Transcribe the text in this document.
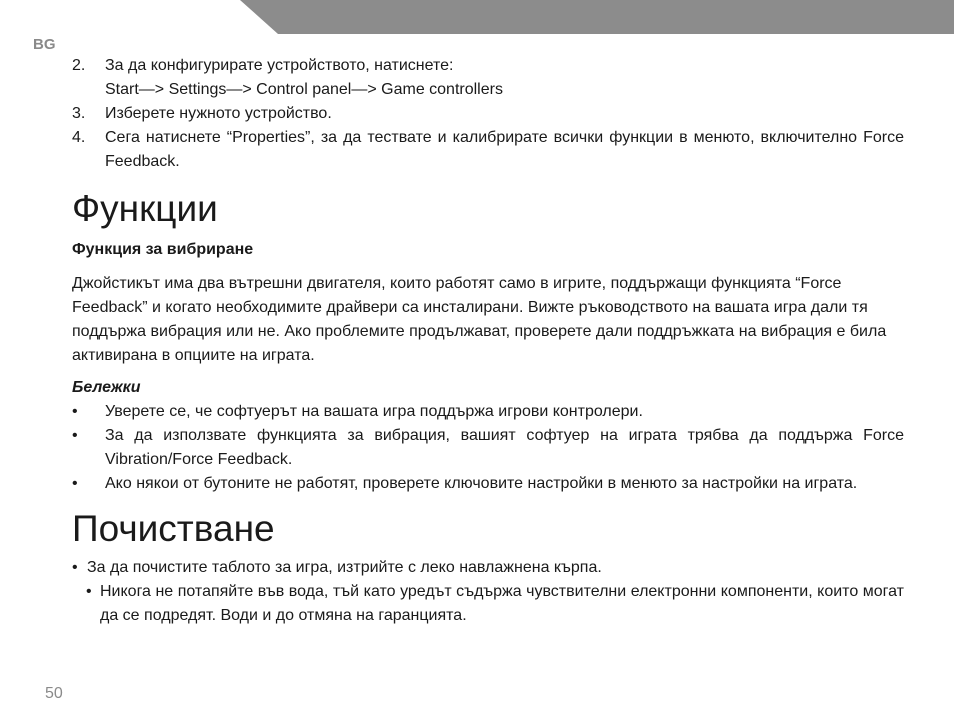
BG
2.	За да конфигурирате устройството, натиснете:
Start—> Settings—> Control panel—> Game controllers
3.	Изберете нужното устройство.
4.	Сега натиснете “Properties”, за да тествате и калибрирате всички функции в менюто, включително Force Feedback.
Функции
Функция за вибриране
Джойстикът има два вътрешни двигателя, които работят само в игрите, поддържащи функцията “Force Feedback” и когато необходимите драйвери са инсталирани. Вижте ръководството на вашата игра дали тя поддържа вибрация или не. Ако проблемите продължават, проверете дали поддръжката на вибрация е била активирана в опциите на играта.
Бележки
•	Уверете се, че софтуерът на вашата игра поддържа игрови контролери.
•	За да използвате функцията за вибрация, вашият софтуер на играта трябва да поддържа Force Vibration/Force Feedback.
•	Ако някои от бутоните не работят, проверете ключовите настройки в менюто за настройки на играта.
Почистване
• За да почистите таблото за игра, изтрийте с леко навлажнена кърпа.
• Никога не потапяйте във вода, тъй като уредът съдържа чувствителни електронни компоненти, които могат да се подредят. Води и до отмяна на гаранцията.
50
